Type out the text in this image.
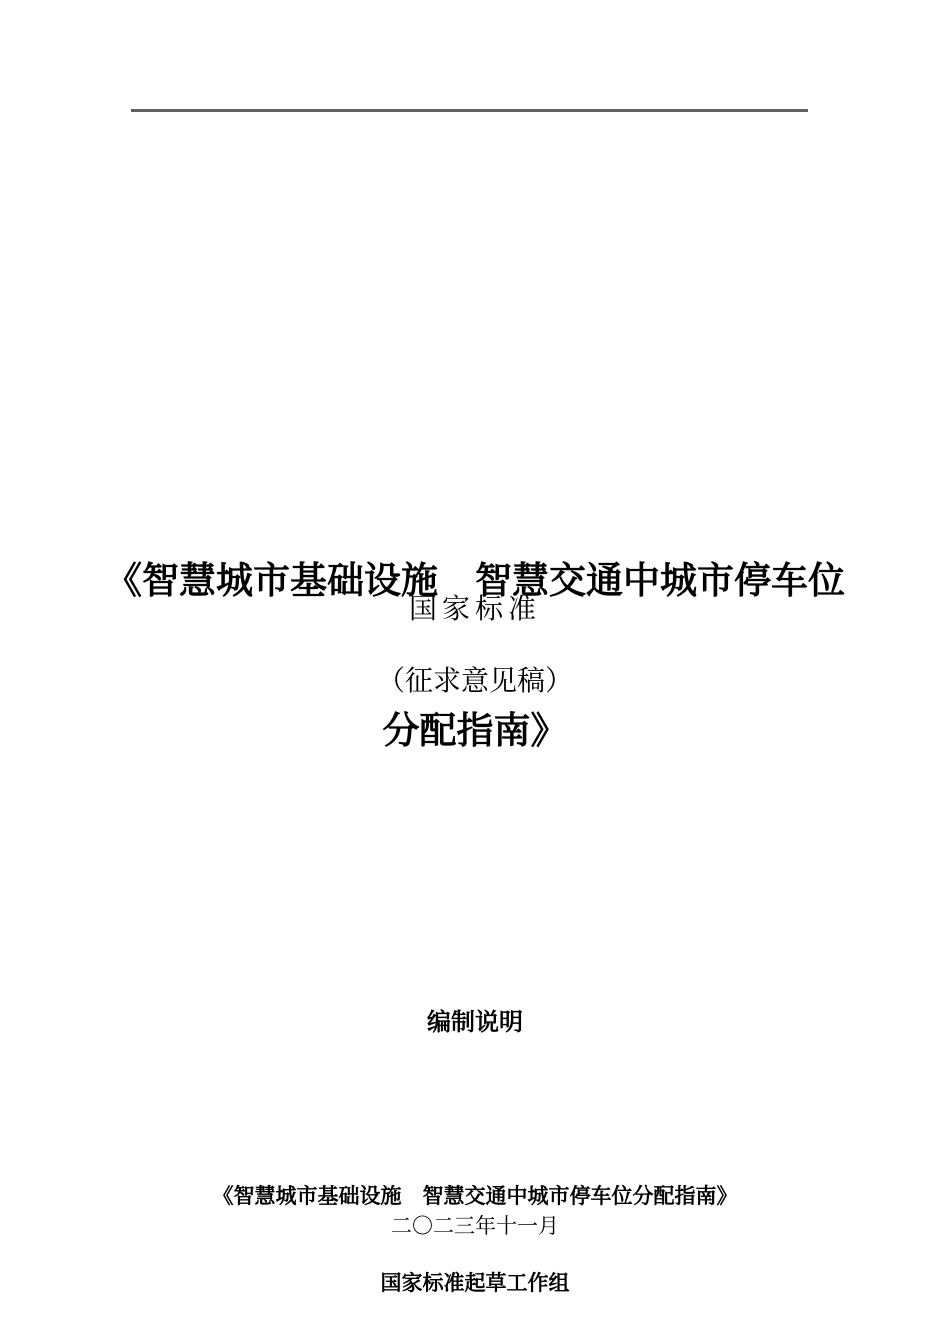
《智慧城市基础设施　智慧交通中城市停车位

分配指南》

国家标准
（征求意见稿）
编制说明

《智慧城市基础设施　智慧交通中城市停车位分配指南》

国家标准起草工作组

二〇二三年十一月
